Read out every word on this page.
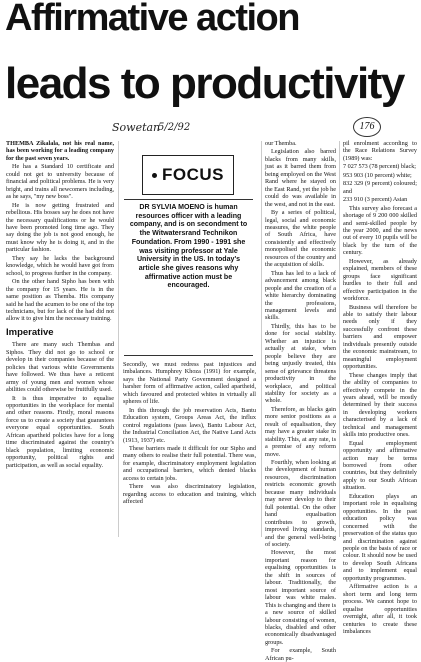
Affirmative action
leads to productivity
Sowetan
5/2/92	176

THEMBA Zikalala, not his real name, has been working for a leading company for the past seven years.

He has a Standard 10 certificate and could not get to university because of financial and political problems. He is very bright, and trains all newcomers including, as he says, "my new boss".

He is now getting frustrated and rebellious. His bosses say he does not have the necessary qualifications or he would have been promoted long time ago. They say doing the job is not good enough, he must know why he is doing it, and in the particular fashion.

They say he lacks the background knowledge, which he would have got from school, to progress further in the company.

On the other hand Sipho has been with the company for 15 years. He is in the same position as Themba. His company said he had the acumen to be one of the top technicians, but for lack of the had did not allow it to give him the necessary training.

Imperative

There are many such Thembas and Siphos. They did not go to school or develop in their companies because of the policies that various white Governments have followed. We thus have a reticent army of young men and women whose abilities could otherwise be fruitfully used.

It is thus imperative to equalise opportunities in the workplace for mental and other reasons. Firstly, moral reasons force us to create a society that guarantees everyone equal opportunities. South African apartheid policies have for a long time discriminated against the country's black population, limiting economic opportunity, political rights and participation, as well as social equality.

FOCUS
DR SYLVIA MOENO is human resources officer with a leading company, and is on secondment to the Witwatersrand Technikon Foundation. From 1990 - 1991 she was visiting professor at Yale University in the US. In today's article she gives reasons why affirmative action must be encouraged.

Secondly, we must redress past injustices and imbalances. Humphrey Khoza (1991) for example, says the National Party Government designed a harsher form of affirmative action, called apartheid, which favoured and protected whites in virtually all spheres of life.

In this through the job reservation Acts, Bantu Education system, Groups Areas Act, the influx control regulations (pass laws), Bantu Labour Act, the Industrial Conciliation Act, the Native Land Acts (1913, 1937) etc.

These barriers made it difficult for our Sipho and many others to realise their full potential. There was, for example, discriminatory employment legislation and occupational barriers, which denied blacks access to certain jobs.

There was also discriminatory legislation, regarding access to education and training, which affected

our Themba.

Legislation also barred blacks from many skills, just as it barred them from being employed on the West Rand where he stayed on the East Rand, yet the job he could do was available in the west, and not in the east.

By a series of political, legal, social and economic measures, the white people of South Africa, have consistently and effectively monopolised the economic resources of the country and the acquisition of skills.

Thus has led to a lack of advancement among black people and the creation of a white hierarchy dominating the professions, management levels and skills.

Thirdly, this has to be done for social stability. Whether an injustice is actually at stake, when people believe they are being unjustly treated, this sense of grievance threatens productivity in the workplace, and political stability for society as a whole.

Therefore, as blacks gain more senior positions as a result of equalisation, they may have a greater stake in stability. This, at any rate, is a premise of any reform move.

Fourthly, when looking at the development of human resources, discrimination restricts economic growth because many individuals may never develop to their full potential. On the other hand equalisation contributes to growth, improved living standards, and the general well-being of society.

However, the most important reason for equalising opportunities is the shift in sources of labour. Traditionally, the most important source of labour was white males. This is changing and there is a new source of skilled labour consisting of women, blacks, disabled and other economically disadvantaged groups.

For example, South African pu-

pil enrolment according to the Race Relations Survey (1989) was:

7 027 573 (78 percent) black;

953 903 (10 percent) white;

832 329 (9 percent) coloured; and

233 910 (3 percent) Asian

This survey also forecast a shortage of 9 200 000 skilled and semi-skilled people by the year 2000, and the news out of every 10 pupils will be black by the turn of the century.

However, as already explained, members of these groups face significant hurdles to their full and effective participation in the workforce.

Business will therefore be able to satisfy their labour needs only if they successfully confront these barriers and empower individuals presently outside the economic mainstream, to meaningful employment opportunities.

These changes imply that the ability of companies to effectively compete in the years ahead, will be mostly determined by their success in developing workers characterised by a lack of technical and management skills into productive ones.

Equal employment opportunity and affirmative action may be terms borrowed from other countries, but they definitely apply to our South African situation.

Education plays an important role in equalising opportunities. In the past education policy was concerned with the preservation of the status quo and discrimination against people on the basis of race or colour. It should now be used to develop South Africans and to implement equal opportunity programmes.

Affirmative action is a short term and long term process. We cannot hope to equalise opportunities overnight, after all, it took centuries to create these imbalances
